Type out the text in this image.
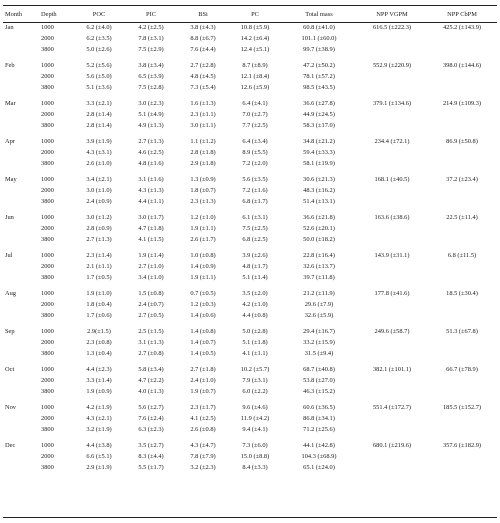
Month	Depth	POC	PIC	BSi	PC	Total mass	NPP VGPM	NPP CbPM
Jan	1000	6.2 (±4.0)	4.2 (±2.5)	3.8 (±4.3)	10.8 (±5.9)	60.8 (±41.0)	616.5 (±222.3)	425.2 (±143.9)
	2000	6.2 (±3.5)	7.8 (±3.1)	8.8 (±6.7)	14.2 (±6.4)	101.1 (±60.0)		
	3800	5.0 (±2.6)	7.5 (±2.9)	7.6 (±4.4)	12.4 (±5.1)	99.7 (±38.9)		

Feb	1000	5.2 (±5.6)	3.8 (±3.4)	2.7 (±2.8)	8.7 (±8.9)	47.2 (±50.2)	552.9 (±220.9)	398.0 (±144.6)
	2000	5.6 (±5.0)	6.5 (±3.9)	4.8 (±4.5)	12.1 (±8.4)	78.1 (±57.2)		
	3800	5.1 (±3.6)	7.5 (±2.8)	7.3 (±5.4)	12.6 (±5.9)	98.5 (±43.5)		

Mar	1000	3.3 (±2.1)	3.0 (±2.3)	1.6 (±1.3)	6.4 (±4.1)	36.6 (±27.8)	379.1 (±134.6)	214.9 (±109.3)
	2000	2.8 (±1.4)	5.1 (±4.9)	2.3 (±1.1)	7.0 (±2.7)	44.9 (±24.5)		
	3800	2.8 (±1.4)	4.9 (±1.3)	3.0 (±1.1)	7.7 (±2.5)	58.3 (±17.0)		

Apr	1000	3.9 (±1.9)	2.7 (±1.3)	1.1 (±1.2)	6.4 (±3.4)	34.8 (±21.2)	234.4 (±72.1)	86.9 (±50.8)
	2000	4.3 (±3.1)	4.6 (±2.5)	2.8 (±1.8)	8.9 (±5.5)	59.4 (±33.3)		
	3800	2.6 (±1.0)	4.8 (±1.6)	2.9 (±1.8)	7.2 (±2.0)	58.1 (±19.9)		

May	1000	3.4 (±2.1)	3.1 (±1.6)	1.3 (±0.9)	5.6 (±3.5)	30.6 (±21.3)	168.1 (±40.5)	37.2 (±23.4)
	2000	3.0 (±1.0)	4.3 (±1.3)	1.8 (±0.7)	7.2 (±1.6)	48.3 (±16.2)		
	3800	2.4 (±0.9)	4.4 (±1.1)	2.3 (±1.3)	6.8 (±1.7)	51.4 (±13.1)		

Jun	1000	3.0 (±1.2)	3.0 (±1.7)	1.2 (±1.0)	6.1 (±3.1)	36.6 (±21.8)	163.6 (±38.6)	22.5 (±11.4)
	2000	2.8 (±0.9)	4.7 (±1.8)	1.9 (±1.1)	7.5 (±2.5)	52.6 (±20.1)		
	3800	2.7 (±1.3)	4.1 (±1.5)	2.6 (±1.7)	6.8 (±2.5)	50.0 (±18.2)		

Jul	1000	2.3 (±1.4)	1.9 (±1.4)	1.0 (±0.8)	3.9 (±2.6)	22.8 (±16.4)	143.9 (±31.1)	6.8 (±11.5)
	2000	2.1 (±1.1)	2.7 (±1.0)	1.4 (±0.9)	4.8 (±1.7)	32.6 (±13.7)		
	3800	1.7 (±0.5)	3.4 (±1.0)	1.9 (±1.1)	5.1 (±1.4)	39.7 (±11.8)		

Aug	1000	1.9 (±1.0)	1.5 (±0.8)	0.7 (±0.5)	3.5 (±2.0)	21.2 (±11.9)	177.8 (±41.6)	18.5 (±30.4)
	2000	1.8 (±0.4)	2.4 (±0.7)	1.2 (±0.3)	4.2 (±1.0)	29.6 (±7.9)		
	3800	1.7 (±0.6)	2.7 (±0.5)	1.4 (±0.6)	4.4 (±0.8)	32.6 (±5.9)		

Sep	1000	2.9(±1.5)	2.5 (±1.5)	1.4 (±0.8)	5.0 (±2.8)	29.4 (±16.7)	249.6 (±58.7)	51.3 (±67.8)
	2000	2.3 (±0.8)	3.1 (±1.3)	1.4 (±0.7)	5.1 (±1.8)	33.2 (±15.9)		
	3800	1.3 (±0.4)	2.7 (±0.8)	1.4 (±0.5)	4.1 (±1.1)	31.5 (±9.4)		

Oct	1000	4.4 (±2.3)	5.8 (±3.4)	2.7 (±1.8)	10.2 (±5.7)	68.7 (±40.8)	382.1 (±101.1)	66.7 (±78.9)
	2000	3.3 (±1.4)	4.7 (±2.2)	2.4 (±1.0)	7.9 (±3.1)	53.8 (±27.0)		
	3800	1.9 (±0.9)	4.0 (±1.3)	1.9 (±0.7)	6.0 (±2.2)	46.3 (±15.2)		

Nov	1000	4.2 (±1.9)	5.6 (±2.7)	2.3 (±1.7)	9.6 (±4.6)	60.6 (±36.5)	551.4 (±172.7)	185.5 (±152.7)
	2000	4.3 (±2.1)	7.6 (±2.4)	4.1 (±2.5)	11.9 (±4.2)	86.8 (±34.1)		
	3800	3.2 (±1.9)	6.3 (±2.3)	2.6 (±0.8)	9.4 (±4.1)	71.2 (±25.6)		

Dec	1000	4.4 (±3.8)	3.5 (±2.7)	4.3 (±4.7)	7.3 (±6.0)	44.1 (±42.8)	680.1 (±219.6)	357.6 (±182.9)
	2000	6.6 (±5.1)	8.3 (±4.4)	7.8 (±7.9)	15.0 (±8.8)	104.3 (±68.9)		
	3800	2.9 (±1.9)	5.5 (±1.7)	3.2 (±2.3)	8.4 (±3.3)	65.1 (±24.0)		
